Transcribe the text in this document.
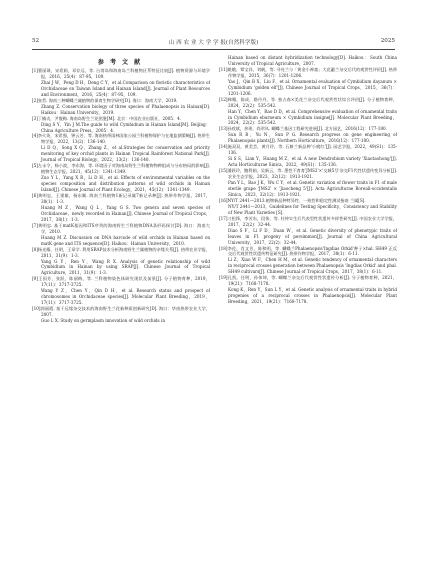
52	山 西 农 业 大 学 学 报(自然科学版)	2025
参 考 文 献

[1]曹丽瑛，宋希娟，邓存远，等. 台湾岛和海南岛兰科植物区系特征比较[J]. 植物资源与环境学报，2016，25(4)：87-95，109.

Zhai J W，Peng D H，Deng C Y，et al.Comparison on floristic characteristics of Orchidaceae on Taiwan Island and Hainan Island[J]. Journal of Plant Resources and Environment，2016，25(4)：87-95，109.

[2]张哲. 海南三种蝴蝶兰属植物的保育生物学研究[D]. 海口：海南大学，2019.

Zhang Z. Conservation biology of three species of Phalaenopsis in Hainan[D]. Haikou：Hainan University，2019.

[3]丁楠贞，尹俊梅. 海南岛野生兰花图鉴[M]. 北京：中国农业出版社，2005：4.

Ding S Y，Yin J M.The guide to wild Cymbidium in Hainan Island[M]. Beijing：China Agriculture Press，2005：4.

[4]李火英，宋希强，钟云芳，等. 海南热带雨林国家公园兰科植物保护与在地监测策略[J]. 热带生物学报，2022，13(2)：136-140.

Li D Q，Song X Q，Zhang Z，et al.Strategies for conservation and priority monitoring of key orchid plants in Hainan Tropical Rainforest National Park[J]. Journal of Tropical Biology，2022，13(2)：136-140.

[5]左永令，杨小波，李东海，等. 环境因子对海南岛野生兰科植物物种组成与分布格局的影响[J]. 植物生态学报，2021，45(12)：1341-1349.

Zuo Y L，Yang X B，Li D H，et al. Effects of environmental variables on the species composition and distribution patterns of wild orchids in Hainan Island[J]. Chinese Journal of Plant Ecology，2021，45(12)：1341-1349.

[6]黄明忠，王建雄，杨东顺. 海南兰科植物1新记录属7新记录种[J]. 热带作物学报，2017，38(1)：1-3.

Huang M Z，Wang Q L，Yang G S. Two genera and seven species of Orchidaceae，newly recorded in Hainan[J]. Chinese Journal of Tropical Crops，2017，38(1)：1-3.

[7]黄明忠. 基于matK基因和ITS序列的海南野生兰科植物DNA条形码探讨[D]. 海口：海南大学，2010.

Huang M Z. Discussion on DNA barcode of wild orchids in Hainan based on matK gene and ITS sequence[D]. Haikou：Hainan University，2010.

[8]杨光耀，任明，王章学. 利用SRAP技术分析海南野生兰属植物的亲缘关系[J]. 热带农业学报，2011，31(9)：1-3.

Yang G Y，Ren Y，Wang R X. Analysis of genetic relationship of wild Cymbidium in Hainan by using SRAP[J]. Chinese Journal of Tropical Agriculture，2011，31(9)：1-3.

[9]王国芳，张跃，陈丽梅，等. 兰科植物染色体研究现状及前景[J]. 分子植物育种，2019，17(11)：3717-3725.

Wang Y Z，Chen Y，Qin D H，et al. Research status and prospect of chromosomes in Orchidaceae species[J]. Molecular Plant Breeding，2019，17(11)：3717-3725.

[10]郭丽霞. 基于远缘杂交技术的海南野生兰花新种质创新研究[D]. 海口：华南热带农业大学，2007.

Guo L X. Study on germplasm innovation of wild orchids in

Hainan based on distant hybridization technology[D]. Haikou：South China University of Tropical Agriculture，2007.

[11]姚娥，覃宝祥，刘帆，等. 寻亮兰与「黄金小神童」大花蕙兰杂交后代的观赏性评价[J]. 热带作物学报，2015，36(7)：1201-1206.

Yao J，Qin B X，Liu F，et al. Ornamental evaluation of Cymbidium dayanum × Cymbidium 'golden elf'[J]. Chinese Journal of Tropical Crops，2015，36(7)：1201-1206.

[12]韩娜，陈成，路丹丹，等. 独占春×美花兰杂交后代观赏性状综合评价[J]. 分子植物育种，2024，22(2)：535-542.

Han Y，Chen Y，Rao D D，et al. Comprehensive evaluation of ornamental traits in Cymbidium eburneum × Cymbidium insigne[J]. Molecular Plant Breeding，2024，22(2)：535-542.

[13]孙欣斌，余瑶，尚翠凤. 蝴蝶兰基因工程研究进展[J]. 北方园艺，2016(12)：177-180.

Sun R B，Yu N，Sun P G. Research progress on gene engineering of Phalaenopsis plants[J]. Northern Horticulture，2016(12)：177-180.

[14]施双双，黄美芸，黄月玲，等. 石斛兰新品种'小桃红'[J]. 园艺学报，2022，49(S1)：135-136.

Si S S，Lian Y，Huang M Z，et al. A new Dendrobium variety 'Xiaotaohong'[J]. Acta Horticulturae Sinica，2022，49(S1)：135-136.

[15]潘跃玲，鲍利娟，吴新云，等. 墨性不育育'JMS2'×'交城5号'杂交F1代性状遗传变异分析[J]. 农业生态学报，2023，32(12)：1913-1921.

Pan Y L，Bao J K，Wu C Y，et al. Genetic variation of flower traits in F1 of male sterile grape 'JMS2' × 'Jiaocheng 5'[J]. Acta Agriculturae Boreali-occidentalis Sinica，2023，32(12)：1913-1921.

[16]NY/T 2441—2013.植物新品种特异性、一致性和稳定性测试指南 兰属[S].

NY/T 2441—2013，Guidelines for Testing Specificity，Consistency and Stability of New Plant Varieties [S].

[17]刁松锋，李芳东，段伟，等. 杜仲实生后代表型性状遗传多样性研究[J]. 中国农业大学学报，2017，22(2)：32-44.

Diao S F，Li F D，Duan W，et al. Genetic diversity of phenotypic traits of leaves in F1 progeny of persimmon[J]. Journal of China Agricultural University，2017，22(2)：32-44.

[18]李佐，肖文芳，陈和明，等. 蝴蝶兰Phalaenopsis'Ingdias Orkid'种子×hal. SH49 正反交后代观赏性状遗传特征研究[J]. 热带作物学报，2017，38(1)：6-11.

Li Z，Xiao W F，Chen H M，et al. Genetic tendency of ornamental characters in reciprocal crosses generation between Phalaenopsis 'Ingdias Orkid' and phal. SH49 cultivars[J]. Chinese Journal of Tropical Crops，2017，38(1)：6-11.

[19]孔凯，任明，孙伟坤，等. 蝴蝶兰杂交后代观赏性状遗传分析[J]. 分子植物育种，2021，19(21)：7168-7178.

Kong K，Ren Y，Sun L Y，et al. Genetic analysis of ornamental traits in hybrid progenies of a reciprocal crosses in Phalaenopsis[J]. Molecular Plant Breeding，2021，19(21)：7168-7178.
